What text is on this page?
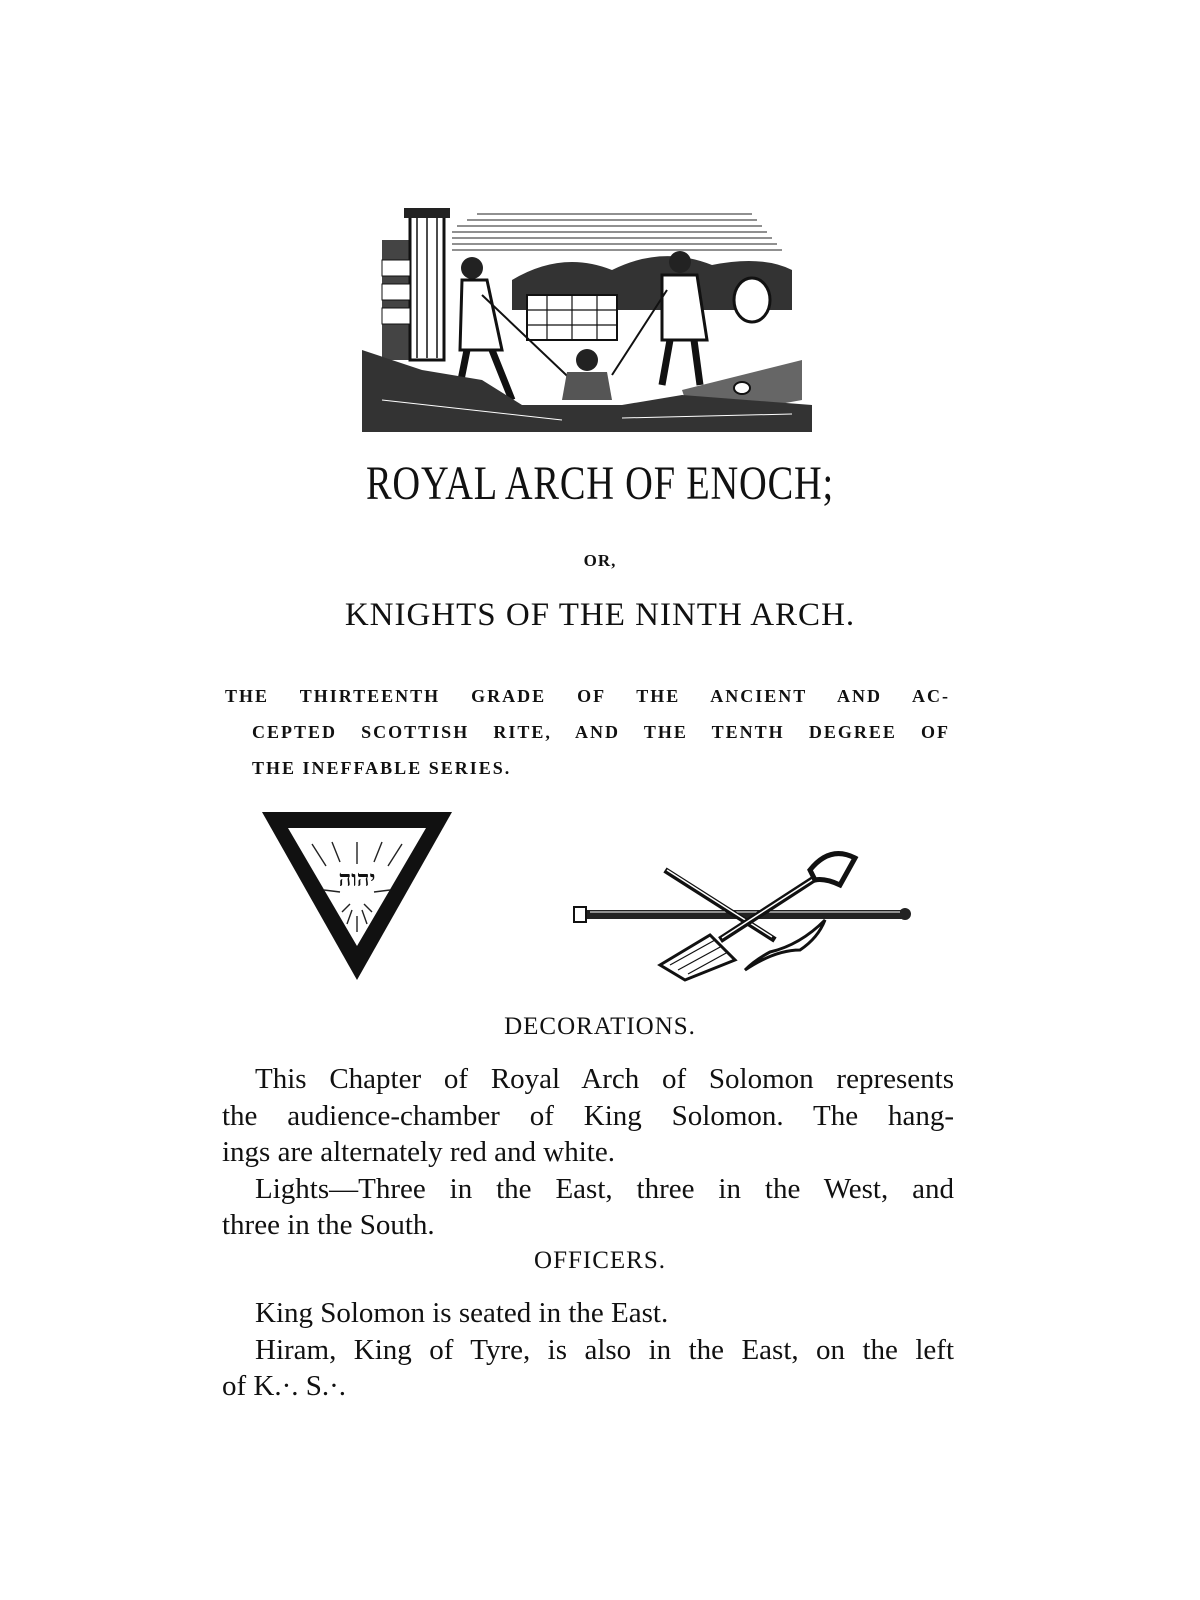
ROYAL ARCH OF ENOCH;
OR,
KNIGHTS OF THE NINTH ARCH.
THE THIRTEENTH GRADE OF THE ANCIENT AND AC-
CEPTED SCOTTISH RITE, AND THE TENTH DEGREE OF
THE INEFFABLE SERIES.
יהוה
DECORATIONS.

This Chapter of Royal Arch of Solomon represents

the audience-chamber of King Solomon. The hang-

ings are alternately red and white.

Lights—Three in the East, three in the West, and

three in the South.

OFFICERS.

King Solomon is seated in the East.

Hiram, King of Tyre, is also in the East, on the left

of K.·. S.·.
